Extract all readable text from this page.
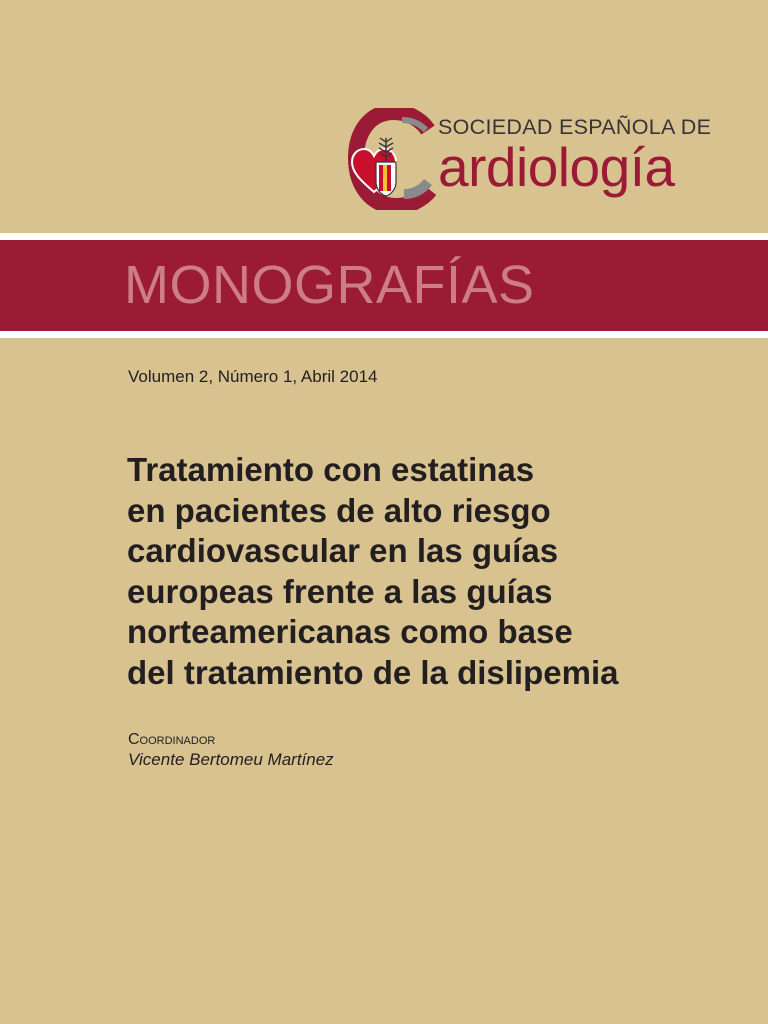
SOCIEDAD ESPAÑOLA DE
ardiología
MONOGRAFÍAS
Volumen 2, Número 1, Abril 2014
Tratamiento con estatinas
en pacientes de alto riesgo
cardiovascular en las guías
europeas frente a las guías
norteamericanas como base
del tratamiento de la dislipemia
Coordinador
Vicente Bertomeu Martínez
